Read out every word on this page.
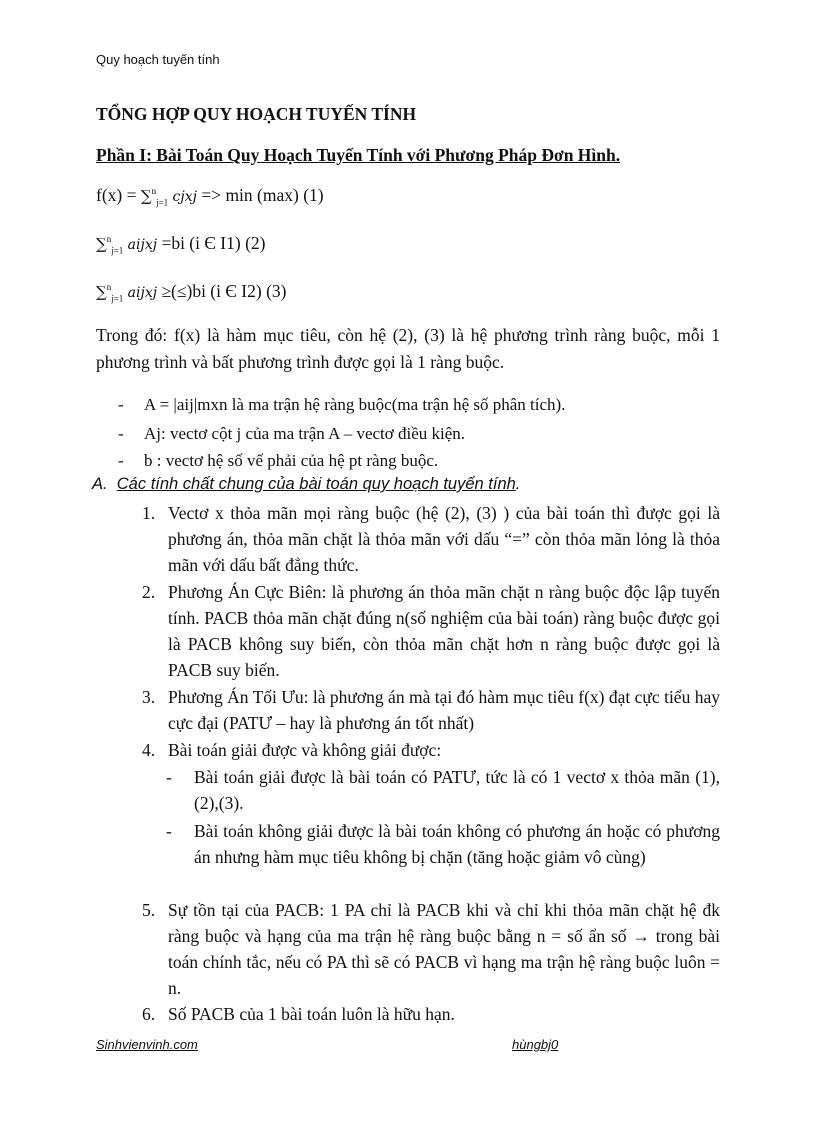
Quy hoạch tuyến tính
TỔNG HỢP QUY HOẠCH TUYẾN TÍNH
Phần I: Bài Toán Quy Hoạch Tuyến Tính với Phương Pháp Đơn Hình.
f(x) = ∑$^n_{j=1}$ cjxj => min (max) (1)
∑$^n_{j=1}$ aijxj =bi (i Є I1) (2)
∑$^n_{j=1}$ aijxj ≥(≤)bi (i Є I2) (3)
Trong đó: f(x) là hàm mục tiêu, còn hệ (2), (3) là hệ phương trình ràng buộc, mỗi 1 phương trình và bất phương trình được gọi là 1 ràng buộc.
- A = |aij|mxn là ma trận hệ ràng buộc(ma trận hệ số phân tích).
- Aj: vectơ cột j của ma trận A – vectơ điều kiện.
- b : vectơ hệ số vế phải của hệ pt ràng buộc.
A. Các tính chất chung của bài toán quy hoạch tuyến tính.
1. Vectơ x thỏa mãn mọi ràng buộc (hệ (2), (3) ) của bài toán thì được gọi là phương án, thỏa mãn chặt là thỏa mãn với dấu “=” còn thỏa mãn lỏng là thỏa mãn với dấu bất đẳng thức.
2. Phương Án Cực Biên: là phương án thỏa mãn chặt n ràng buộc độc lập tuyến tính. PACB thỏa mãn chặt đúng n(số nghiệm của bài toán) ràng buộc được gọi là PACB không suy biến, còn thỏa mãn chặt hơn n ràng buộc được gọi là PACB suy biến.
3. Phương Án Tối Ưu: là phương án mà tại đó hàm mục tiêu f(x) đạt cực tiểu hay cực đại (PATƯ – hay là phương án tốt nhất)
4. Bài toán giải được và không giải được:
- Bài toán giải được là bài toán có PATƯ, tức là có 1 vectơ x thỏa mãn (1),(2),(3).
- Bài toán không giải được là bài toán không có phương án hoặc có phương án nhưng hàm mục tiêu không bị chặn (tăng hoặc giảm vô cùng)
5. Sự tồn tại của PACB: 1 PA chỉ là PACB khi và chỉ khi thỏa mãn chặt hệ đk ràng buộc và hạng của ma trận hệ ràng buộc bằng n = số ẩn số → trong bài toán chính tắc, nếu có PA thì sẽ có PACB vì hạng ma trận hệ ràng buộc luôn = n.
6. Số PACB của 1 bài toán luôn là hữu hạn.
Sinhvienvinh.com	hùngbj0
